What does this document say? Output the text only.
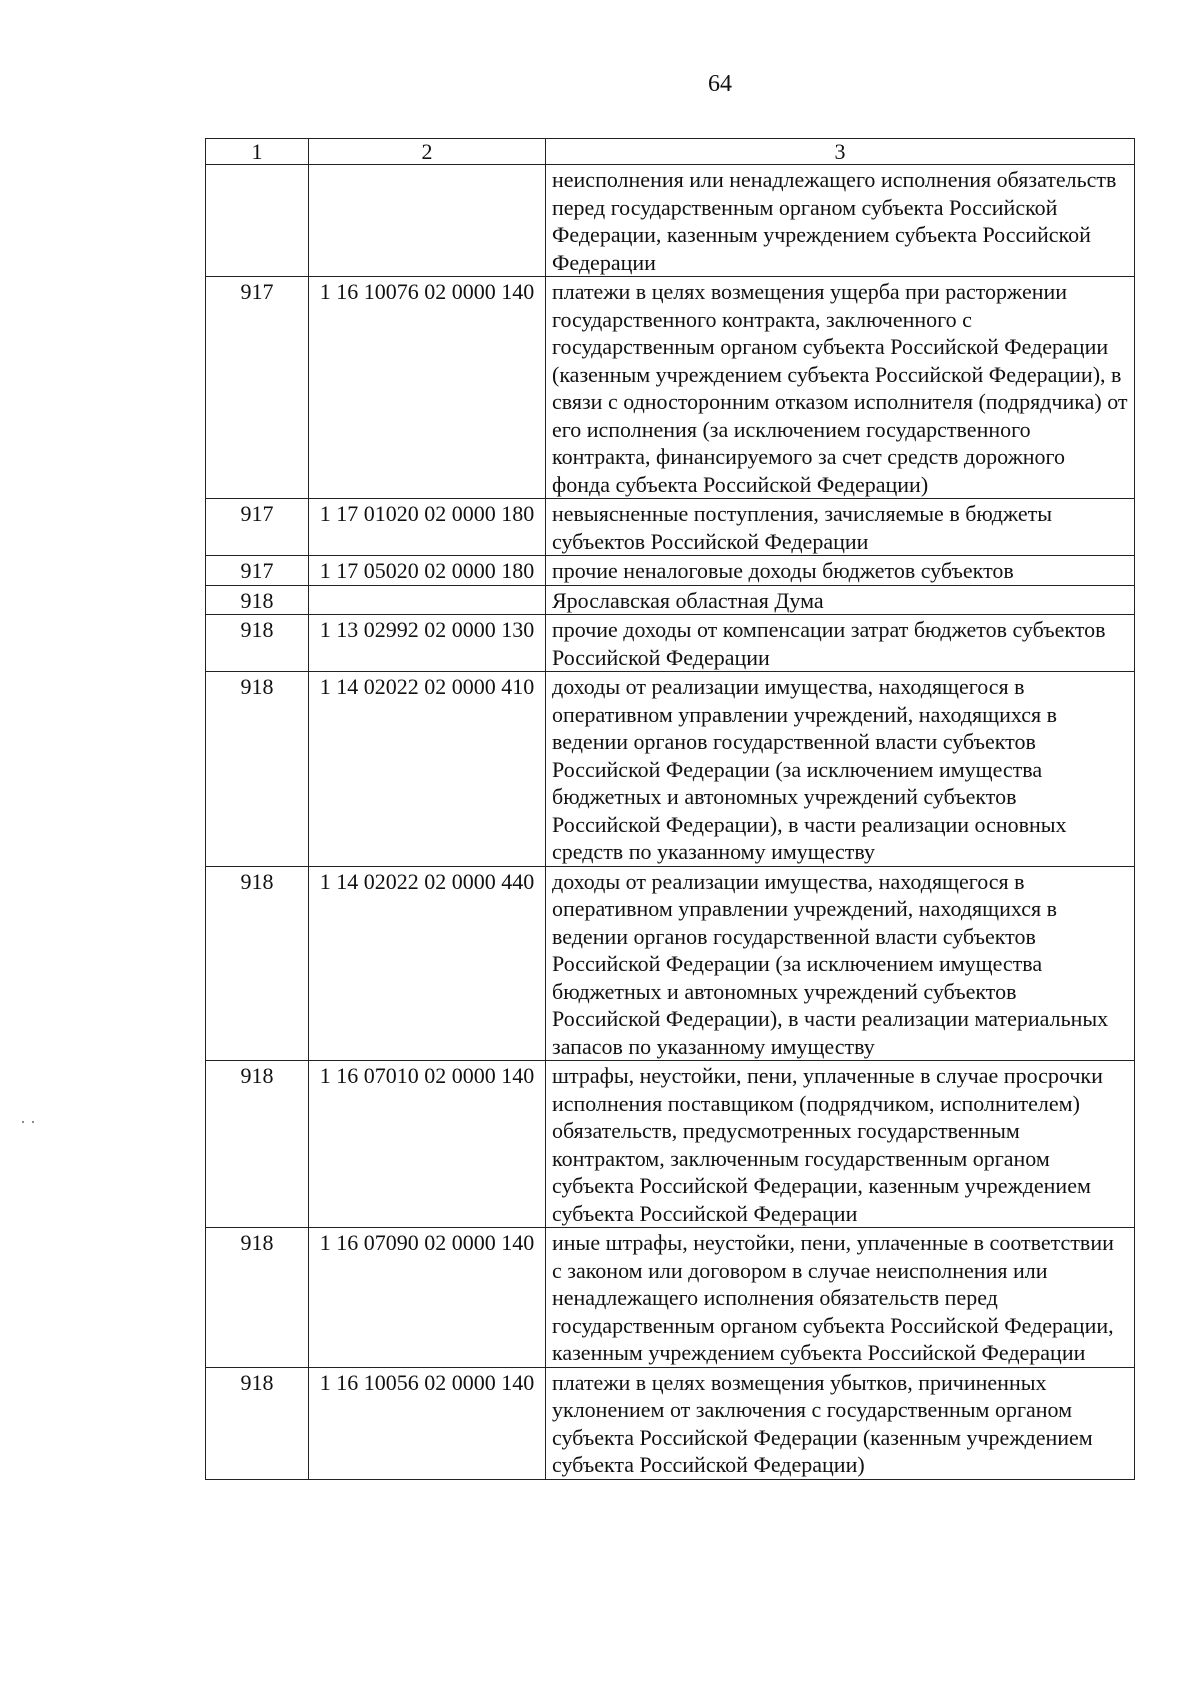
64
1	2	3
		неисполнения или ненадлежащего исполнения обязательств перед государственным органом субъекта Российской Федерации, казенным учреждением субъекта Российской Федерации
917	1 16 10076 02 0000 140	платежи в целях возмещения ущерба при расторжении государственного контракта, заключенного с государственным органом субъекта Российской Федерации (казенным учреждением субъекта Российской Федерации), в связи с односторонним отказом исполнителя (подрядчика) от его исполнения (за исключением государственного контракта, финансируемого за счет средств дорожного фонда субъекта Российской Федерации)
917	1 17 01020 02 0000 180	невыясненные поступления, зачисляемые в бюджеты субъектов Российской Федерации
917	1 17 05020 02 0000 180	прочие неналоговые доходы бюджетов субъектов
918		Ярославская областная Дума
918	1 13 02992 02 0000 130	прочие доходы от компенсации затрат бюджетов субъектов Российской Федерации
918	1 14 02022 02 0000 410	доходы от реализации имущества, находящегося в оперативном управлении учреждений, находящихся в ведении органов государственной власти субъектов Российской Федерации (за исключением имущества бюджетных и автономных учреждений субъектов Российской Федерации), в части реализации основных средств по указанному имуществу
918	1 14 02022 02 0000 440	доходы от реализации имущества, находящегося в оперативном управлении учреждений, находящихся в ведении органов государственной власти субъектов Российской Федерации (за исключением имущества бюджетных и автономных учреждений субъектов Российской Федерации), в части реализации материальных запасов по указанному имуществу
918	1 16 07010 02 0000 140	штрафы, неустойки, пени, уплаченные в случае просрочки исполнения поставщиком (подрядчиком, исполнителем) обязательств, предусмотренных государственным контрактом, заключенным государственным органом субъекта Российской Федерации, казенным учреждением субъекта Российской Федерации
918	1 16 07090 02 0000 140	иные штрафы, неустойки, пени, уплаченные в соответствии с законом или договором в случае неисполнения или ненадлежащего исполнения обязательств перед государственным органом субъекта Российской Федерации, казенным учреждением субъекта Российской Федерации
918	1 16 10056 02 0000 140	платежи в целях возмещения убытков, причиненных уклонением от заключения с государственным органом субъекта Российской Федерации (казенным учреждением субъекта Российской Федерации)
··
